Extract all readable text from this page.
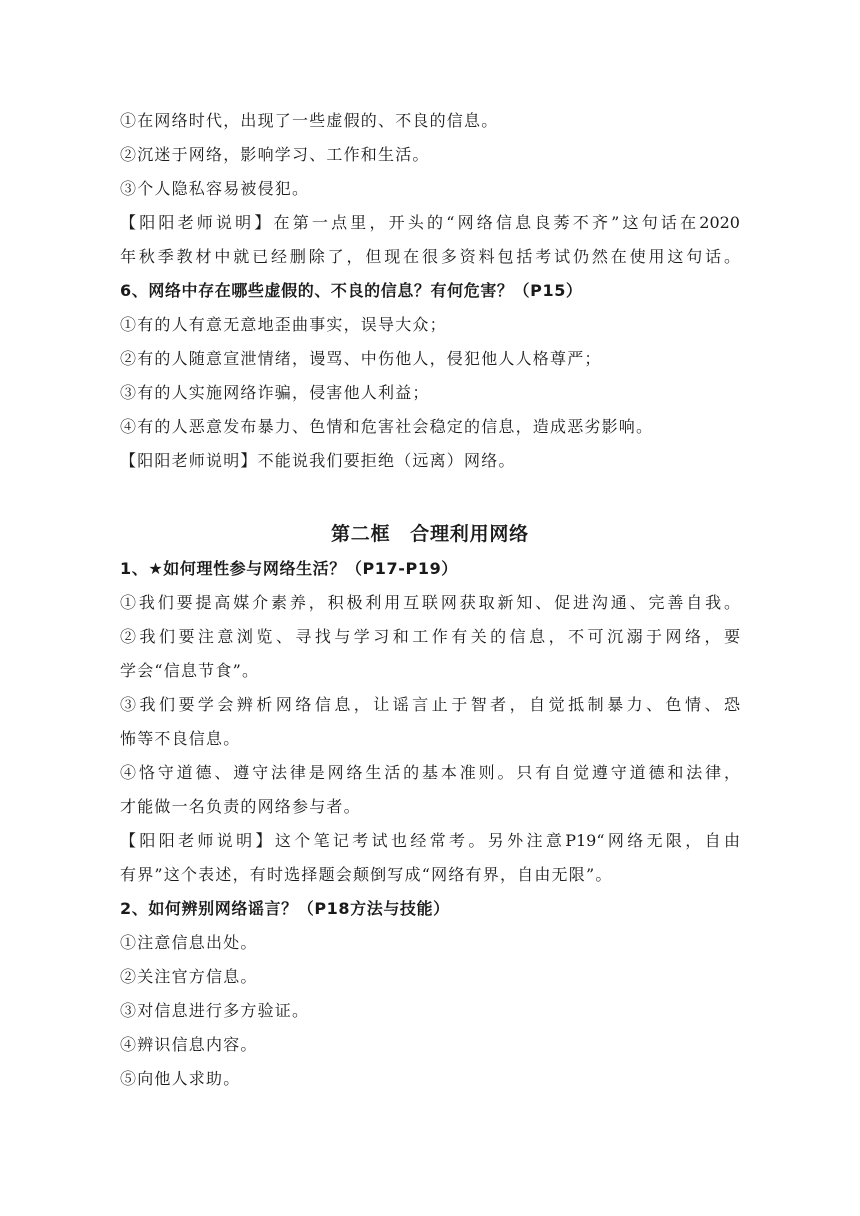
①在网络时代，出现了一些虚假的、不良的信息。
②沉迷于网络，影响学习、工作和生活。
③个人隐私容易被侵犯。
【阳阳老师说明】在第一点里，开头的“网络信息良莠不齐”这句话在2020
年秋季教材中就已经删除了，但现在很多资料包括考试仍然在使用这句话。
6、网络中存在哪些虚假的、不良的信息？有何危害？（P15）
①有的人有意无意地歪曲事实，误导大众；
②有的人随意宣泄情绪，谩骂、中伤他人，侵犯他人人格尊严；
③有的人实施网络诈骗，侵害他人利益；
④有的人恶意发布暴力、色情和危害社会稳定的信息，造成恶劣影响。
【阳阳老师说明】不能说我们要拒绝（远离）网络。
第二框　合理利用网络
1、★如何理性参与网络生活？（P17-P19）
①我们要提高媒介素养，积极利用互联网获取新知、促进沟通、完善自我。
②我们要注意浏览、寻找与学习和工作有关的信息，不可沉溺于网络，要
学会“信息节食”。
③我们要学会辨析网络信息，让谣言止于智者，自觉抵制暴力、色情、恐
怖等不良信息。
④恪守道德、遵守法律是网络生活的基本准则。只有自觉遵守道德和法律，
才能做一名负责的网络参与者。
【阳阳老师说明】这个笔记考试也经常考。另外注意P19“网络无限，自由
有界”这个表述，有时选择题会颠倒写成“网络有界，自由无限”。
2、如何辨别网络谣言？（P18方法与技能）
①注意信息出处。
②关注官方信息。
③对信息进行多方验证。
④辨识信息内容。
⑤向他人求助。
